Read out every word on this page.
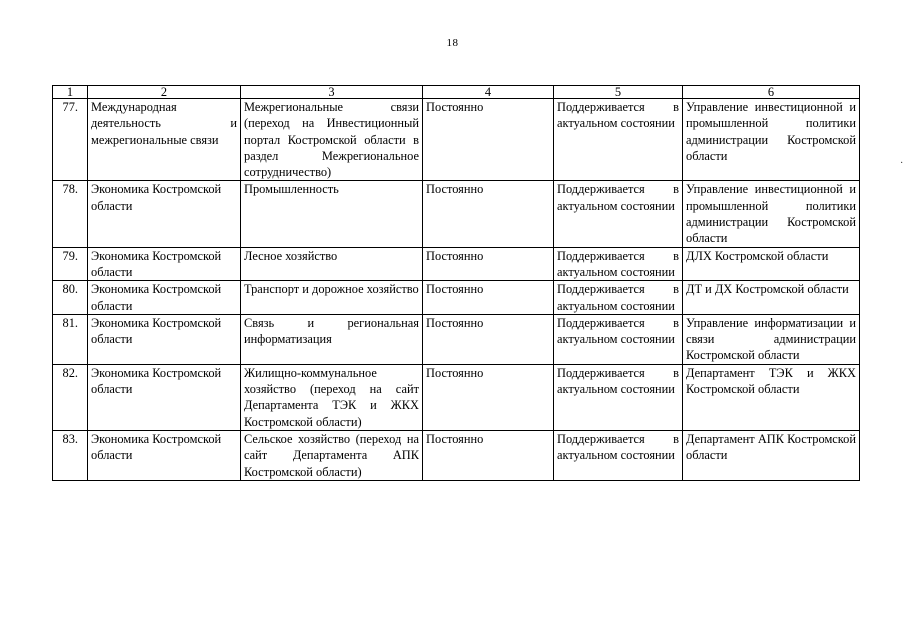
18
·
1	2	3	4	5	6
77.	Международная деятельность и межрегиональные связи	Межрегиональные связи (переход на Инвестиционный портал Костромской области в раздел Межрегиональное сотрудничество)	Постоянно	Поддерживается в актуальном состоянии	Управление инвестиционной и промышленной политики администрации Костромской области
78.	Экономика Костромской области	Промышленность	Постоянно	Поддерживается в актуальном состоянии	Управление инвестиционной и промышленной политики администрации Костромской области
79.	Экономика Костромской области	Лесное хозяйство	Постоянно	Поддерживается в актуальном состоянии	ДЛХ Костромской области
80.	Экономика Костромской области	Транспорт и дорожное хозяйство	Постоянно	Поддерживается в актуальном состоянии	ДТ и ДХ Костромской области
81.	Экономика Костромской области	Связь и региональная информатизация	Постоянно	Поддерживается в актуальном состоянии	Управление информатизации и связи администрации Костромской области
82.	Экономика Костромской области	Жилищно-коммунальное хозяйство (переход на сайт Департамента ТЭК и ЖКХ Костромской области)	Постоянно	Поддерживается в актуальном состоянии	Департамент ТЭК и ЖКХ Костромской области
83.	Экономика Костромской области	Сельское хозяйство (переход на сайт Департамента АПК Костромской области)	Постоянно	Поддерживается в актуальном состоянии	Департамент АПК Костромской области
